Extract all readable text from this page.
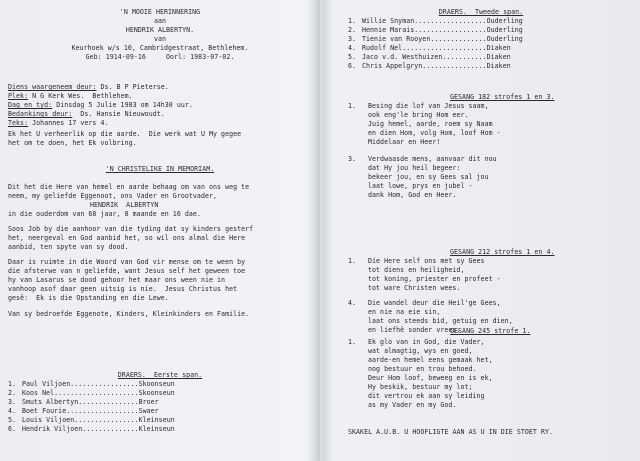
'N MOOIE HERINNERING
aan
HENDRIK ALBERTYN.
van
Keurhoek w/s 10, Cambridgestraat, Bethlehem.
Geb: 1914-09-16     Oorl: 1983-07-02.
Diens waargeneem deur: Ds. B P Pieterse.
Plek: N G Kerk Wes.  Bethlehem.
Dag en tyd: Dinsdag 5 Julie 1983 om 14h30 uur.
Bedankings deur:  Ds. Hansie Nieuwoudt.
Teks: Johannes 17 vers 4.
Ek het U verheerlik op die aarde.  Die werk wat U My gegee
het om te doen, het Ek volbring.
'N CHRISTELIKE IN MEMORIAM.
Dit het die Here van hemel en aarde behaag om van ons weg te
neem, my geliefde Eggenoot, ons Vader en Grootvader,
HENDRIK  ALBERTYN
in die ouderdom van 68 jaar, 8 maande en 16 dae.
Soos Job by die aanhoor van die tyding dat sy kinders gesterf
het, neergeval en God aanbid het, so wil ons almal die Here
aanbid, ten spyte van sy dood.
Daar is ruimte in die Woord van God vir mense om te ween by
die afsterwe van n geliefde, want Jesus self het geween toe
hy van Lasarus se dood gehoor het maar ons ween nie in
vanhoop asof daar geen uitsig is nie.  Jesus Christus het
gesê:  Ek is die Opstanding en die Lewe.
Van sy bedroefde Eggenote, Kinders, Kleinkinders en Familie.
DRAERS.  Eerste span.
1. Paul Viljoen.................Skoonseun
2. Koos Nel.....................Skoonseun
3. Smuts Albertyn...............Broer
4. Boet Fourie..................Swaer
5. Louis Viljoen................Kleinseun
6. Hendrik Viljoen..............Kleinseun
DRAERS.  Tweede span.
1. Willie Snyman..................Ouderling
2. Hennie Marais..................Ouderling
3. Tienie van Rooyen..............Ouderling
4. Rudolf Nel.....................Diaken
5. Jaco v.d. Westhuizen...........Diaken
6. Chris Appelgryn................Diaken
GESANG 182 strofes 1 en 3.
1. Besing die lof van Jesus saam,
ook eng'le bring Hom eer.
Juig hemel, aarde, roem sy Naam
en dien Hom, volg Hom, loof Hom -
Middelaar en Heer!
3. Verdwaasde mens, aanvaar dit nou
dat Hy jou heil begeer:
bekeer jou, en sy Gees sal jou
laat lowe, prys en jubel -
dank Hom, God en Heer.
GESANG 212 strofes 1 en 4.
1. Die Here self ons met sy Gees
tot diens en heiligheid,
tot koning, priester en profeet -
tot ware Christen wees.
4. Die wandel deur die Heil'ge Gees,
en nie na eie sin,
laat ons steeds bid, getuig en dien,
en liefhê sonder vrees.
GESANG 245 strofe 1.
1. Ek glo van in God, die Vader,
wat almagtig, wys en goed,
aarde-en hemel eens gemaak het,
nog bestuur en trou behoed.
Deur Hom loof, beweeg en is ek,
Hy beskik, bestuur my lot;
dit vertrou ek aan sy leiding
as my Vader en my God.
SKAKEL A.U.B. U HOOFLIGTE AAN AS U IN DIE STOET RY.
